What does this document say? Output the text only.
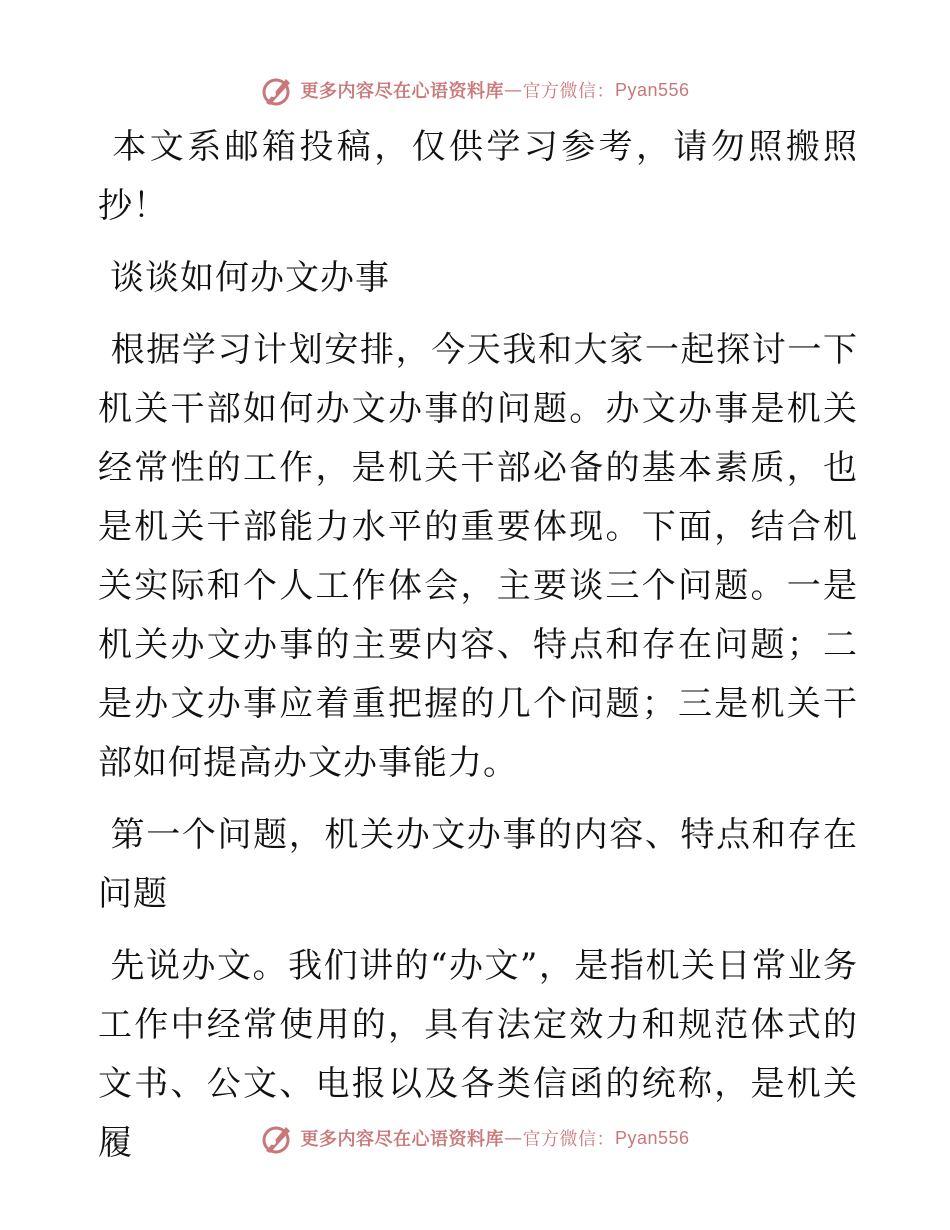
更多内容尽在心语资料库 — 官方微信： Pyan556

本文系邮箱投稿，仅供学习参考，请勿照搬照抄！

谈谈如何办文办事

根据学习计划安排，今天我和大家一起探讨一下机关干部如何办文办事的问题。办文办事是机关经常性的工作，是机关干部必备的基本素质，也是机关干部能力水平的重要体现。下面，结合机关实际和个人工作体会，主要谈三个问题。一是机关办文办事的主要内容、特点和存在问题；二是办文办事应着重把握的几个问题；三是机关干部如何提高办文办事能力。

第一个问题，机关办文办事的内容、特点和存在问题

先说办文。我们讲的“办文”，是指机关日常业务工作中经常使用的，具有法定效力和规范体式的文书、公文、电报以及各类信函的统称，是机关履	更多内容尽在心语资料库 — 官方微信： Pyan556
